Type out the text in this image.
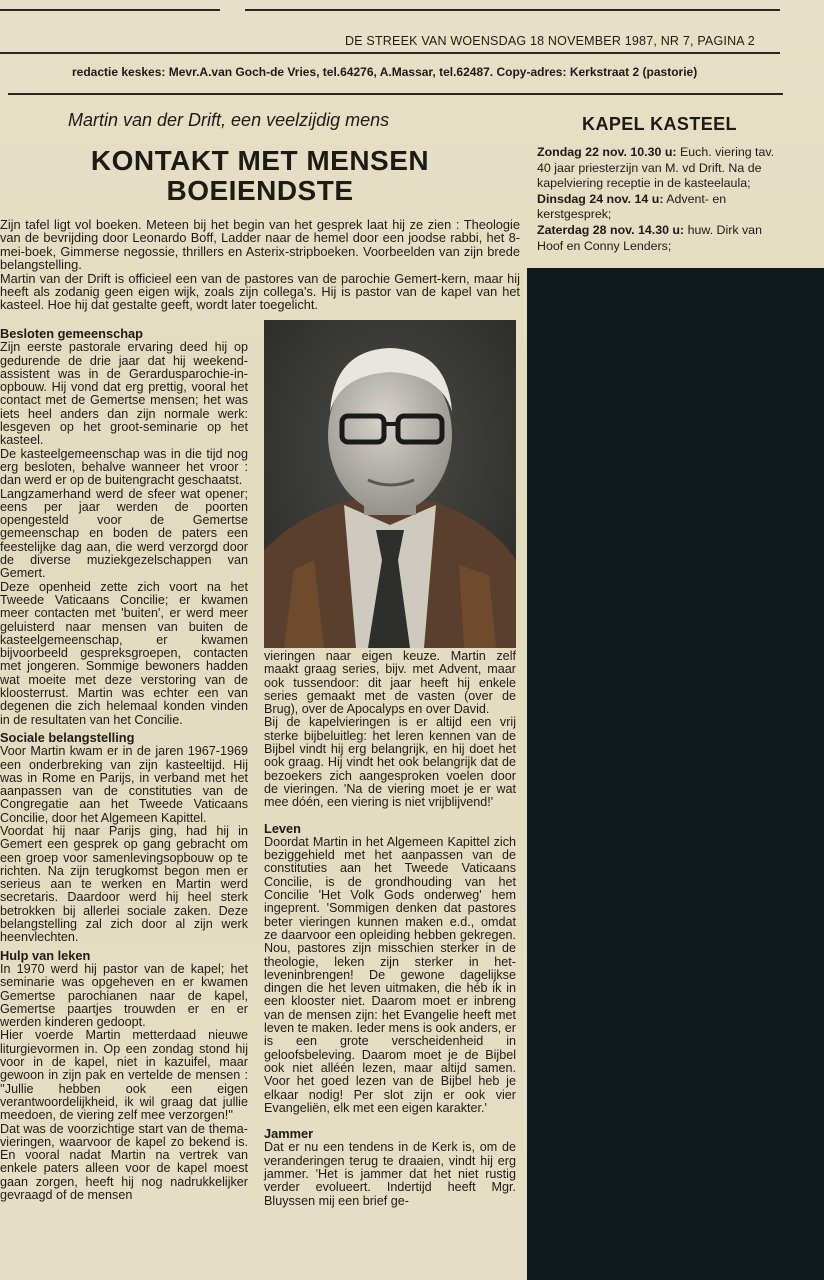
DE STREEK VAN WOENSDAG 18 NOVEMBER 1987, NR 7, PAGINA 2
redactie keskes: Mevr.A.van Goch-de Vries, tel.64276, A.Massar, tel.62487. Copy-adres: Kerkstraat 2 (pastorie)
Martin van der Drift, een veelzijdig mens
KONTAKT MET MENSEN
BOEIENDSTE

Zijn tafel ligt vol boeken. Meteen bij het begin van het gesprek laat hij ze zien : Theologie van de bevrijding door Leonardo Boff, Ladder naar de hemel door een joodse rabbi, het 8-mei-boek, Gimmerse negossie, thrillers en Asterix-stripboeken. Voorbeelden van zijn brede belangstelling.

Martin van der Drift is officieel een van de pastores van de parochie Gemert-kern, maar hij heeft als zodanig geen eigen wijk, zoals zijn collega's. Hij is pastor van de kapel van het kasteel. Hoe hij dat gestalte geeft, wordt later toegelicht.

Besloten gemeenschap

Zijn eerste pastorale ervaring deed hij op gedurende de drie jaar dat hij weekend-assistent was in de Gerardusparochie-in-opbouw. Hij vond dat erg prettig, vooral het contact met de Gemertse mensen; het was iets heel anders dan zijn normale werk: lesgeven op het groot-seminarie op het kasteel.

De kasteelgemeenschap was in die tijd nog erg besloten, behalve wanneer het vroor : dan werd er op de buitengracht geschaatst.

Langzamerhand werd de sfeer wat opener; eens per jaar werden de poorten opengesteld voor de Gemertse gemeenschap en boden de paters een feestelijke dag aan, die werd verzorgd door de diverse muziekgezelschappen van Gemert.

Deze openheid zette zich voort na het Tweede Vaticaans Concilie; er kwamen meer contacten met 'buiten', er werd meer geluisterd naar mensen van buiten de kasteelgemeenschap, er kwamen bijvoorbeeld gespreksgroepen, contacten met jongeren. Sommige bewoners hadden wat moeite met deze verstoring van de kloosterrust. Martin was echter een van degenen die zich helemaal konden vinden in de resultaten van het Concilie.

Sociale belangstelling

Voor Martin kwam er in de jaren 1967-1969 een onderbreking van zijn kasteeltijd. Hij was in Rome en Parijs, in verband met het aanpassen van de constituties van de Congregatie aan het Tweede Vaticaans Concilie, door het Algemeen Kapittel.

Voordat hij naar Parijs ging, had hij in Gemert een gesprek op gang gebracht om een groep voor samenlevingsopbouw op te richten. Na zijn terugkomst begon men er serieus aan te werken en Martin werd secretaris. Daardoor werd hij heel sterk betrokken bij allerlei sociale zaken. Deze belangstelling zal zich door al zijn werk heenvlechten.

Hulp van leken

In 1970 werd hij pastor van de kapel; het seminarie was opgeheven en er kwamen Gemertse parochianen naar de kapel, Gemertse paartjes trouwden er en er werden kinderen gedoopt.

Hier voerde Martin metterdaad nieuwe liturgievormen in. Op een zondag stond hij voor in de kapel, niet in kazuifel, maar gewoon in zijn pak en vertelde de mensen : ''Jullie hebben ook een eigen verantwoordelijkheid, ik wil graag dat jullie meedoen, de viering zelf mee verzorgen!''

Dat was de voorzichtige start van de thema-vieringen, waarvoor de kapel zo bekend is. En vooral nadat Martin na vertrek van enkele paters alleen voor de kapel moest gaan zorgen, heeft hij nog nadrukkelijker gevraagd of de mensen

vieringen naar eigen keuze. Martin zelf maakt graag series, bijv. met Advent, maar ook tussendoor: dit jaar heeft hij enkele series gemaakt met de vasten (over de Brug), over de Apocalyps en over David.

Bij de kapelvieringen is er altijd een vrij sterke bijbeluitleg: het leren kennen van de Bijbel vindt hij erg belangrijk, en hij doet het ook graag. Hij vindt het ook belangrijk dat de bezoekers zich aangesproken voelen door de vieringen. 'Na de viering moet je er wat mee dóén, een viering is niet vrijblijvend!'

Leven

Doordat Martin in het Algemeen Kapittel zich beziggehield met het aanpassen van de constituties aan het Tweede Vaticaans Concilie, is de grondhouding van het Concilie 'Het Volk Gods onderweg' hem ingeprent. 'Sommigen denken dat pastores beter vieringen kunnen maken e.d., omdat ze daarvoor een opleiding hebben gekregen. Nou, pastores zijn misschien sterker in de theologie, leken zijn sterker in het-leveninbrengen! De gewone dagelijkse dingen die het leven uitmaken, die héb ik in een klooster niet. Daarom moet er inbreng van de mensen zijn: het Evangelie heeft met leven te maken. Ieder mens is ook anders, er is een grote verscheidenheid in geloofsbeleving. Daarom moet je de Bijbel ook niet alléén lezen, maar altijd samen. Voor het goed lezen van de Bijbel heb je elkaar nodig! Per slot zijn er ook vier Evangeliën, elk met een eigen karakter.'

Jammer

Dat er nu een tendens in de Kerk is, om de veranderingen terug te draaien, vindt hij erg jammer. 'Het is jammer dat het niet rustig verder evolueert. Indertijd heeft Mgr. Bluyssen mij een brief ge-

KAPEL KASTEEL

Zondag 22 nov. 10.30 u: Euch. viering tav. 40 jaar priesterzijn van M. vd Drift. Na de kapelviering receptie in de kasteelaula;

Dinsdag 24 nov. 14 u: Advent- en kerstgesprek;

Zaterdag 28 nov. 14.30 u: huw. Dirk van Hoof en Conny Lenders;
